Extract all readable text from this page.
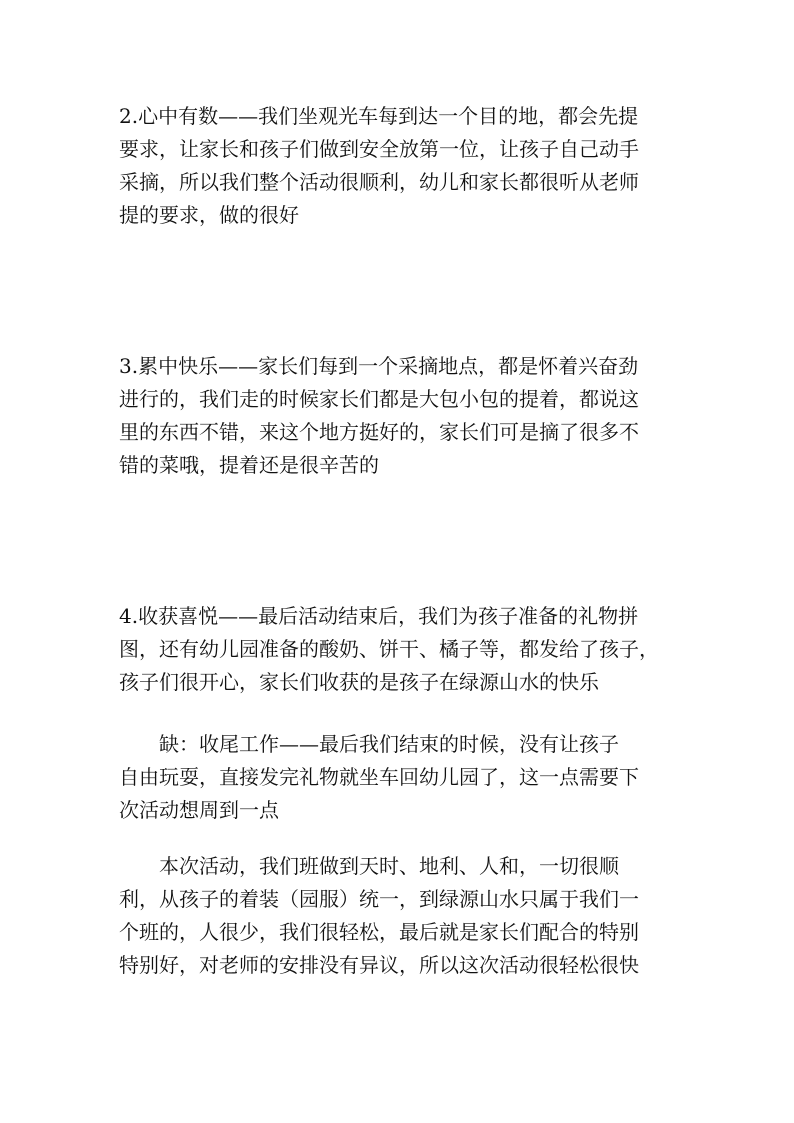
2.心中有数——我们坐观光车每到达一个目的地，都会先提
要求，让家长和孩子们做到安全放第一位，让孩子自己动手
采摘，所以我们整个活动很顺利，幼儿和家长都很听从老师
提的要求，做的很好
3.累中快乐——家长们每到一个采摘地点，都是怀着兴奋劲
进行的，我们走的时候家长们都是大包小包的提着，都说这
里的东西不错，来这个地方挺好的，家长们可是摘了很多不
错的菜哦，提着还是很辛苦的
4.收获喜悦——最后活动结束后，我们为孩子准备的礼物拼
图，还有幼儿园准备的酸奶、饼干、橘子等，都发给了孩子，
孩子们很开心，家长们收获的是孩子在绿源山水的快乐
缺：收尾工作——最后我们结束的时候，没有让孩子
自由玩耍，直接发完礼物就坐车回幼儿园了，这一点需要下
次活动想周到一点
本次活动，我们班做到天时、地利、人和，一切很顺
利，从孩子的着装（园服）统一，到绿源山水只属于我们一
个班的，人很少，我们很轻松，最后就是家长们配合的特别
特别好，对老师的安排没有异议，所以这次活动很轻松很快
